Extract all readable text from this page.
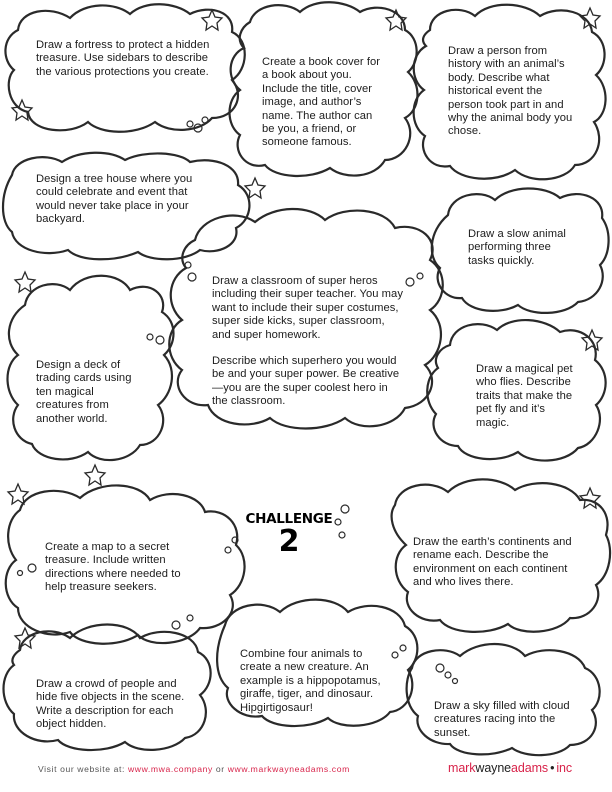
Draw a fortress to protect a hidden treasure. Use sidebars to describe the various protections you create.

Create a book cover for a book about you. Include the title, cover image, and author’s name. The author can be you, a friend, or someone famous.

Draw a person from history with an animal’s body. Describe what historical event the person took part in and why the animal body you chose.

Design a tree house where you could celebrate and event that would never take place in your backyard.

Draw a slow animal performing three tasks quickly.

Draw a classroom of super heros including their super teacher. You may want to include their super costumes, super side kicks, super classroom, and super homework.

Describe which superhero you would be and your super power. Be creative—you are the super coolest hero in the classroom.

Design a deck of trading cards using ten magical creatures from another world.

Draw a magical pet who flies. Describe traits that make the pet fly and it’s magic.

CHALLENGE
2

Create a map to a secret treasure. Include written directions where needed to help treasure seekers.

Draw the earth’s continents and rename each. Describe the environment on each continent and who lives there.

Draw a crowd of people and hide five objects in the scene. Write a description for each object hidden.

Combine four animals to create a new creature. An example is a hippopotamus, giraffe, tiger, and dinosaur. Hipgirtigosaur!	Draw a sky filled with cloud creatures racing into the sunset.

Visit our website at: www.mwa.company or www.markwayneadams.com	markwayneadams • inc
